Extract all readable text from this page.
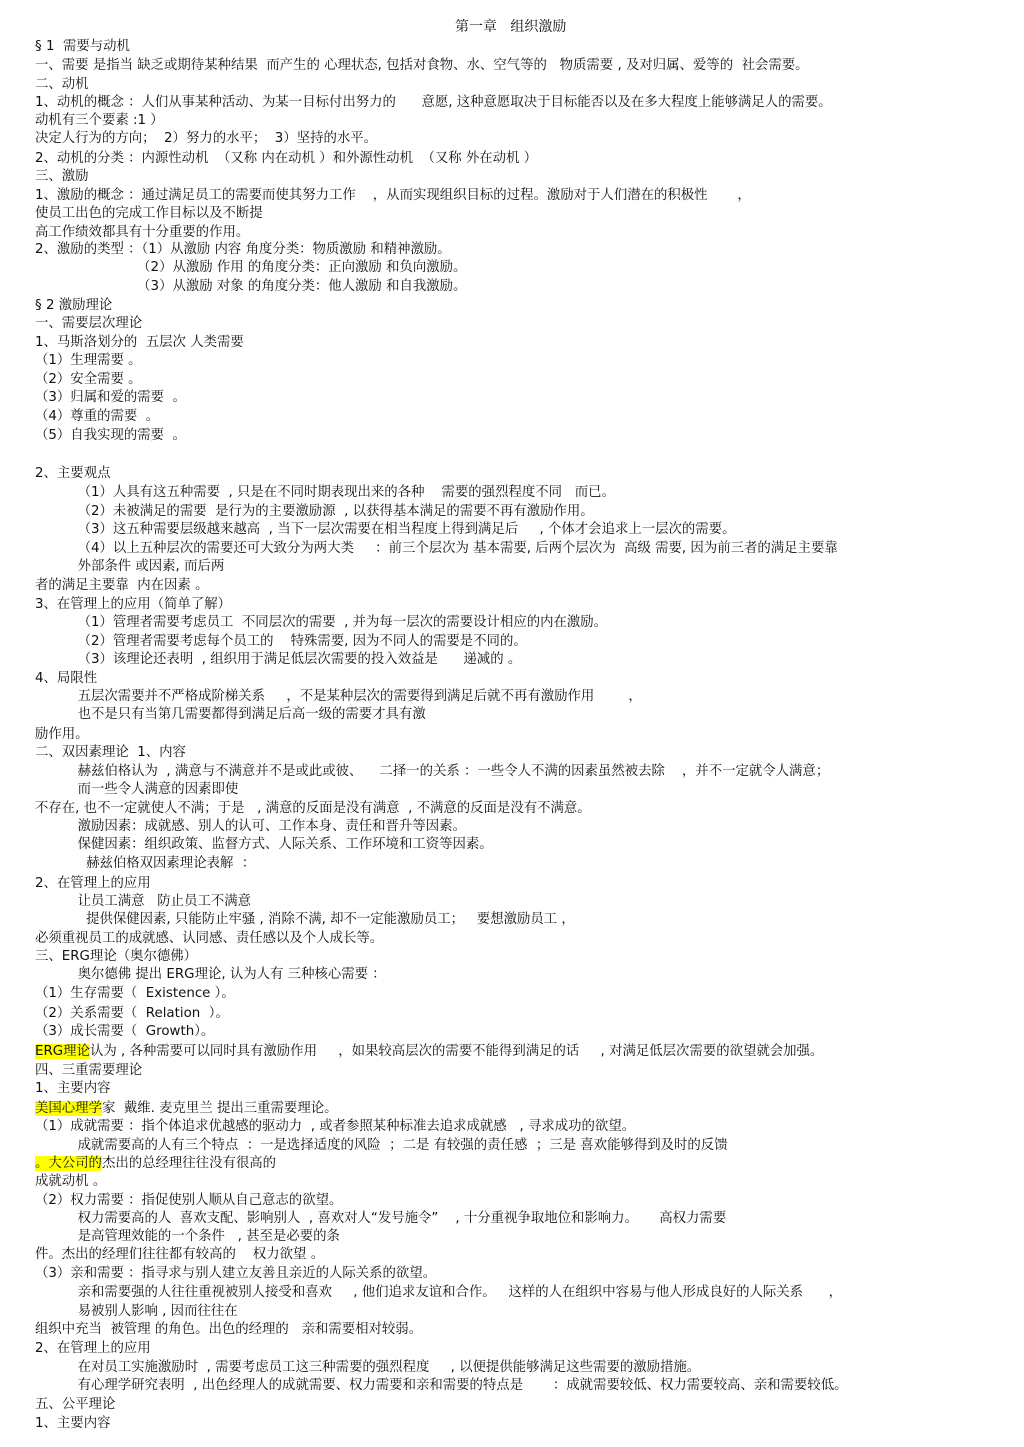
第一章   组织激励
§ 1  需要与动机
一、需要 是指当 缺乏或期待某种结果  而产生的 心理状态, 包括对食物、水、空气等的   物质需要 , 及对归属、爱等的  社会需要。
二、动机
1、动机的概念 ：人们从事某种活动、为某一目标付出努力的      意愿, 这种意愿取决于目标能否以及在多大程度上能够满足人的需要。
动机有三个要素 :1 ）
决定人行为的方向；  2）努力的水平；  3）坚持的水平。
2、动机的分类 ：内源性动机  （又称 内在动机 ）和外源性动机  （又称 外在动机 ）
三、激励
1、激励的概念 ：通过满足员工的需要而使其努力工作    ，从而实现组织目标的过程。激励对于人们潜在的积极性       ，
使员工出色的完成工作目标以及不断提
高工作绩效都具有十分重要的作用。
2、激励的类型 ：（1）从激励 内容 角度分类：物质激励 和精神激励。
（2）从激励 作用 的角度分类：正向激励 和负向激励。
（3）从激励 对象 的角度分类：他人激励 和自我激励。
§ 2 激励理论
一、需要层次理论
1、马斯洛划分的  五层次 人类需要
（1）生理需要 。
（2）安全需要 。
（3）归属和爱的需要  。
（4）尊重的需要  。
（5）自我实现的需要  。
2、主要观点
（1）人具有这五种需要  , 只是在不同时期表现出来的各种    需要的强烈程度不同   而已。
（2）未被满足的需要  是行为的主要激励源  , 以获得基本满足的需要不再有激励作用。
（3）这五种需要层级越来越高  , 当下一层次需要在相当程度上得到满足后     , 个体才会追求上一层次的需要。
（4）以上五种层次的需要还可大致分为两大类     ：前三个层次为 基本需要, 后两个层次为  高级 需要, 因为前三者的满足主要靠
外部条件 或因素, 而后两
者的满足主要靠  内在因素 。
3、在管理上的应用（简单了解）
（1）管理者需要考虑员工  不同层次的需要  , 并为每一层次的需要设计相应的内在激励。
（2）管理者需要考虑每个员工的    特殊需要, 因为不同人的需要是不同的。
（3）该理论还表明  , 组织用于满足低层次需要的投入效益是      递减的 。
4、局限性
五层次需要并不严格成阶梯关系     ，不是某种层次的需要得到满足后就不再有激励作用        ，
也不是只有当第几需要都得到满足后高一级的需要才具有激
励作用。
二、双因素理论  1、内容
赫兹伯格认为  , 满意与不满意并不是或此或彼、    二择一的关系 ：一些令人不满的因素虽然被去除    ，并不一定就令人满意；
而一些令人满意的因素即使
不存在, 也不一定就使人不满；于是   , 满意的反面是没有满意  , 不满意的反面是没有不满意。
激励因素：成就感、别人的认可、工作本身、责任和晋升等因素。
保健因素：组织政策、监督方式、人际关系、工作环境和工资等因素。
赫兹伯格双因素理论表解  ：
2、在管理上的应用
让员工满意   防止员工不满意
提供保健因素, 只能防止牢骚 , 消除不满, 却不一定能激励员工；   要想激励员工 ，
必须重视员工的成就感、认同感、责任感以及个人成长等。
三、ERG理论（奥尔德佛）
奥尔德佛 提出 ERG理论, 认为人有 三种核心需要 ：
（1）生存需要（  Existence ）。
（2）关系需要（  Relation  ）。
（3）成长需要（  Growth）。
ERG理论认为 , 各种需要可以同时具有激励作用     ，如果较高层次的需要不能得到满足的话     , 对满足低层次需要的欲望就会加强。
四、三重需要理论
1、主要内容
美国心理学家  戴维. 麦克里兰 提出三重需要理论。
（1）成就需要 ：指个体追求优越感的驱动力  , 或者参照某种标准去追求成就感   , 寻求成功的欲望。
成就需要高的人有三个特点  ：一是选择适度的风险  ；二是 有较强的责任感  ；三是 喜欢能够得到及时的反馈
。大公司的杰出的总经理往往没有很高的
成就动机 。
（2）权力需要 ：指促使别人顺从自己意志的欲望。
权力需要高的人  喜欢支配、影响别人  , 喜欢对人“发号施令”    , 十分重视争取地位和影响力。     高权力需要
是高管理效能的一个条件   , 甚至是必要的条
件。杰出的经理们往往都有较高的    权力欲望 。
（3）亲和需要 ：指寻求与别人建立友善且亲近的人际关系的欲望。
亲和需要强的人往往重视被别人接受和喜欢     , 他们追求友谊和合作。   这样的人在组织中容易与他人形成良好的人际关系      ，
易被别人影响 , 因而往往在
组织中充当  被管理 的角色。出色的经理的   亲和需要相对较弱。
2、在管理上的应用
在对员工实施激励时  , 需要考虑员工这三种需要的强烈程度     , 以便提供能够满足这些需要的激励措施。
有心理学研究表明  , 出色经理人的成就需要、权力需要和亲和需要的特点是       ：成就需要较低、权力需要较高、亲和需要较低。
五、公平理论
1、主要内容
